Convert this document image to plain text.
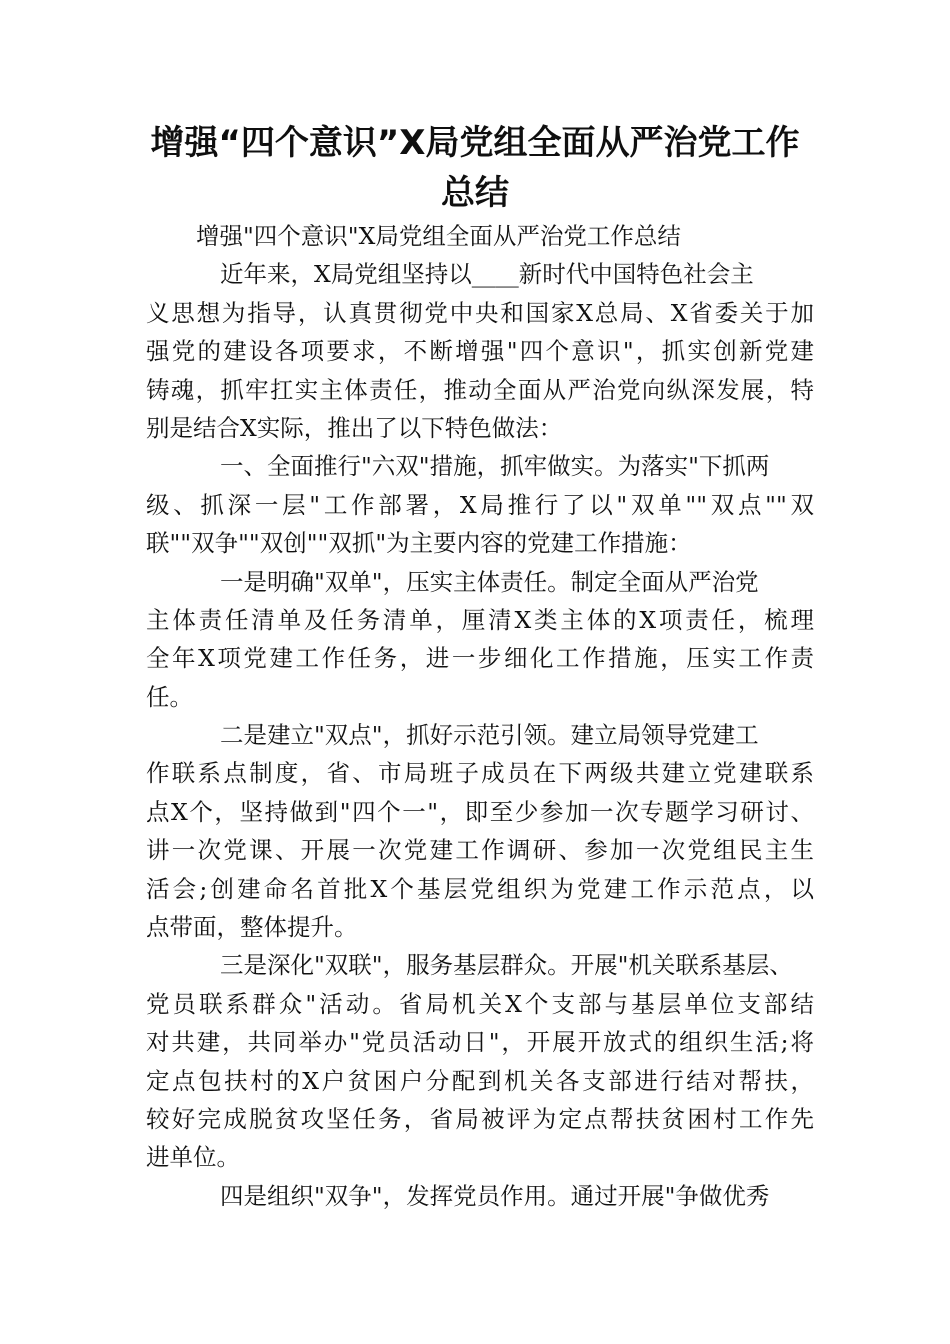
增强“四个意识”X局党组全面从严治党工作
总结
增强"四个意识"X局党组全面从严治党工作总结
近年来，X局党组坚持以____新时代中国特色社会主
义思想为指导，认真贯彻党中央和国家X总局、X省委关于加
强党的建设各项要求，不断增强"四个意识"，抓实创新党建
铸魂，抓牢扛实主体责任，推动全面从严治党向纵深发展，特
别是结合X实际，推出了以下特色做法：
一、全面推行"六双"措施，抓牢做实。为落实"下抓两
级、抓深一层"工作部署，X局推行了以"双单""双点""双
联""双争""双创""双抓"为主要内容的党建工作措施：
一是明确"双单"，压实主体责任。制定全面从严治党
主体责任清单及任务清单，厘清X类主体的X项责任，梳理
全年X项党建工作任务，进一步细化工作措施，压实工作责
任。
二是建立"双点"，抓好示范引领。建立局领导党建工
作联系点制度，省、市局班子成员在下两级共建立党建联系
点X个，坚持做到"四个一"，即至少参加一次专题学习研讨、
讲一次党课、开展一次党建工作调研、参加一次党组民主生
活会;创建命名首批X个基层党组织为党建工作示范点，以
点带面，整体提升。
三是深化"双联"，服务基层群众。开展"机关联系基层、
党员联系群众"活动。省局机关X个支部与基层单位支部结
对共建，共同举办"党员活动日"，开展开放式的组织生活;将
定点包扶村的X户贫困户分配到机关各支部进行结对帮扶，
较好完成脱贫攻坚任务，省局被评为定点帮扶贫困村工作先
进单位。
四是组织"双争"，发挥党员作用。通过开展"争做优秀
